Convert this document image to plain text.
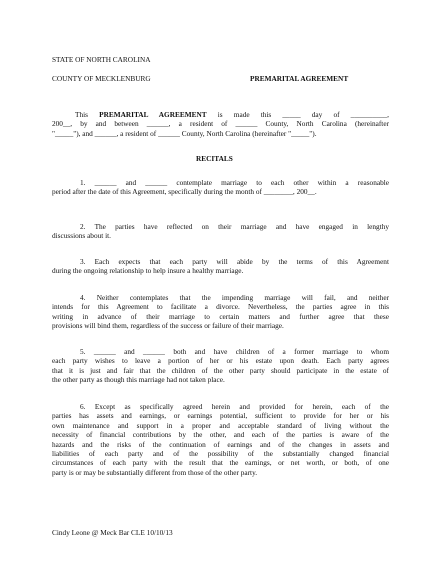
STATE OF NORTH CAROLINA
COUNTY OF MECKLENBURG	PREMARITAL AGREEMENT
This PREMARITAL AGREEMENT is made this _____ day of __________,
200__, by and between ______, a resident of ______ County, North Carolina (hereinafter
"_____"), and ______, a resident of ______ County, North Carolina (hereinafter "_____").
RECITALS
1. ______ and ______ contemplate marriage to each other within a reasonable
period after the date of this Agreement, specifically during the month of ________, 200__.
2. The parties have reflected on their marriage and have engaged in lengthy
discussions about it.
3. Each expects that each party will abide by the terms of this Agreement
during the ongoing relationship to help insure a healthy marriage.
4. Neither contemplates that the impending marriage will fail, and neither
intends for this Agreement to facilitate a divorce. Nevertheless, the parties agree in this
writing in advance of their marriage to certain matters and further agree that these
provisions will bind them, regardless of the success or failure of their marriage.
5. ______ and ______ both and have children of a former marriage to whom
each party wishes to leave a portion of her or his estate upon death. Each party agrees
that it is just and fair that the children of the other party should participate in the estate of
the other party as though this marriage had not taken place.
6. Except as specifically agreed herein and provided for herein, each of the
parties has assets and earnings, or earnings potential, sufficient to provide for her or his
own maintenance and support in a proper and acceptable standard of living without the
necessity of financial contributions by the other, and each of the parties is aware of the
hazards and the risks of the continuation of earnings and of the changes in assets and
liabilities of each party and of the possibility of the substantially changed financial
circumstances of each party with the result that the earnings, or net worth, or both, of one
party is or may be substantially different from those of the other party.
Cindy Leone @ Meck Bar CLE 10/10/13
